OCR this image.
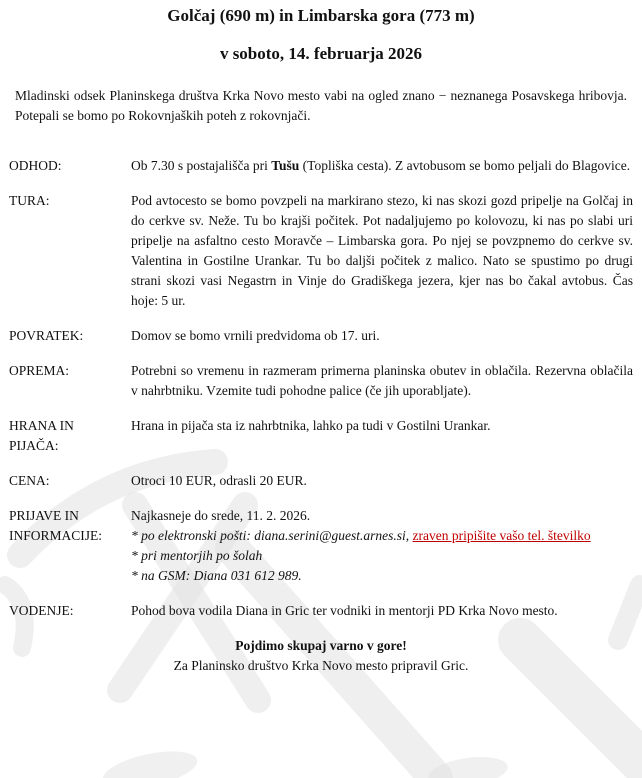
Golčaj (690 m) in Limbarska gora (773 m)
v soboto, 14. februarja 2026

Mladinski odsek Planinskega društva Krka Novo mesto vabi na ogled znano − neznanega Posavskega hribovja. Potepali se bomo po Rokovnjaških poteh z rokovnjači.

ODHOD:	Ob 7.30 s postajališča pri Tušu (Topliška cesta). Z avtobusom se bomo peljali do Blagovice.
TURA:	Pod avtocesto se bomo povzpeli na markirano stezo, ki nas skozi gozd pripelje na Golčaj in do cerkve sv. Neže. Tu bo krajši počitek. Pot nadaljujemo po kolovozu, ki nas po slabi uri pripelje na asfaltno cesto Moravče – Limbarska gora. Po njej se povzpnemo do cerkve sv. Valentina in Gostilne Urankar. Tu bo daljši počitek z malico. Nato se spustimo po drugi strani skozi vasi Negastrn in Vinje do Gradiškega jezera, kjer nas bo čakal avtobus. Čas hoje: 5 ur.
POVRATEK:	Domov se bomo vrnili predvidoma ob 17. uri.
OPREMA:	Potrebni so vremenu in razmeram primerna planinska obutev in oblačila. Rezervna oblačila v nahrbtniku. Vzemite tudi pohodne palice (če jih uporabljate).
HRANA IN PIJAČA:
Hrana in pijača sta iz nahrbtnika, lahko pa tudi v Gostilni Urankar.
CENA:	Otroci 10 EUR, odrasli 20 EUR.
PRIJAVE IN INFORMACIJE:
Najkasneje do srede, 11. 2. 2026.
* po elektronski pošti: diana.serini@guest.arnes.si, zraven pripišite vašo tel. številko
* pri mentorjih po šolah
* na GSM: Diana 031 612 989.
VODENJE:	Pohod bova vodila Diana in Gric ter vodniki in mentorji PD Krka Novo mesto.
Pojdimo skupaj varno v gore!
Za Planinsko društvo Krka Novo mesto pripravil Gric.
